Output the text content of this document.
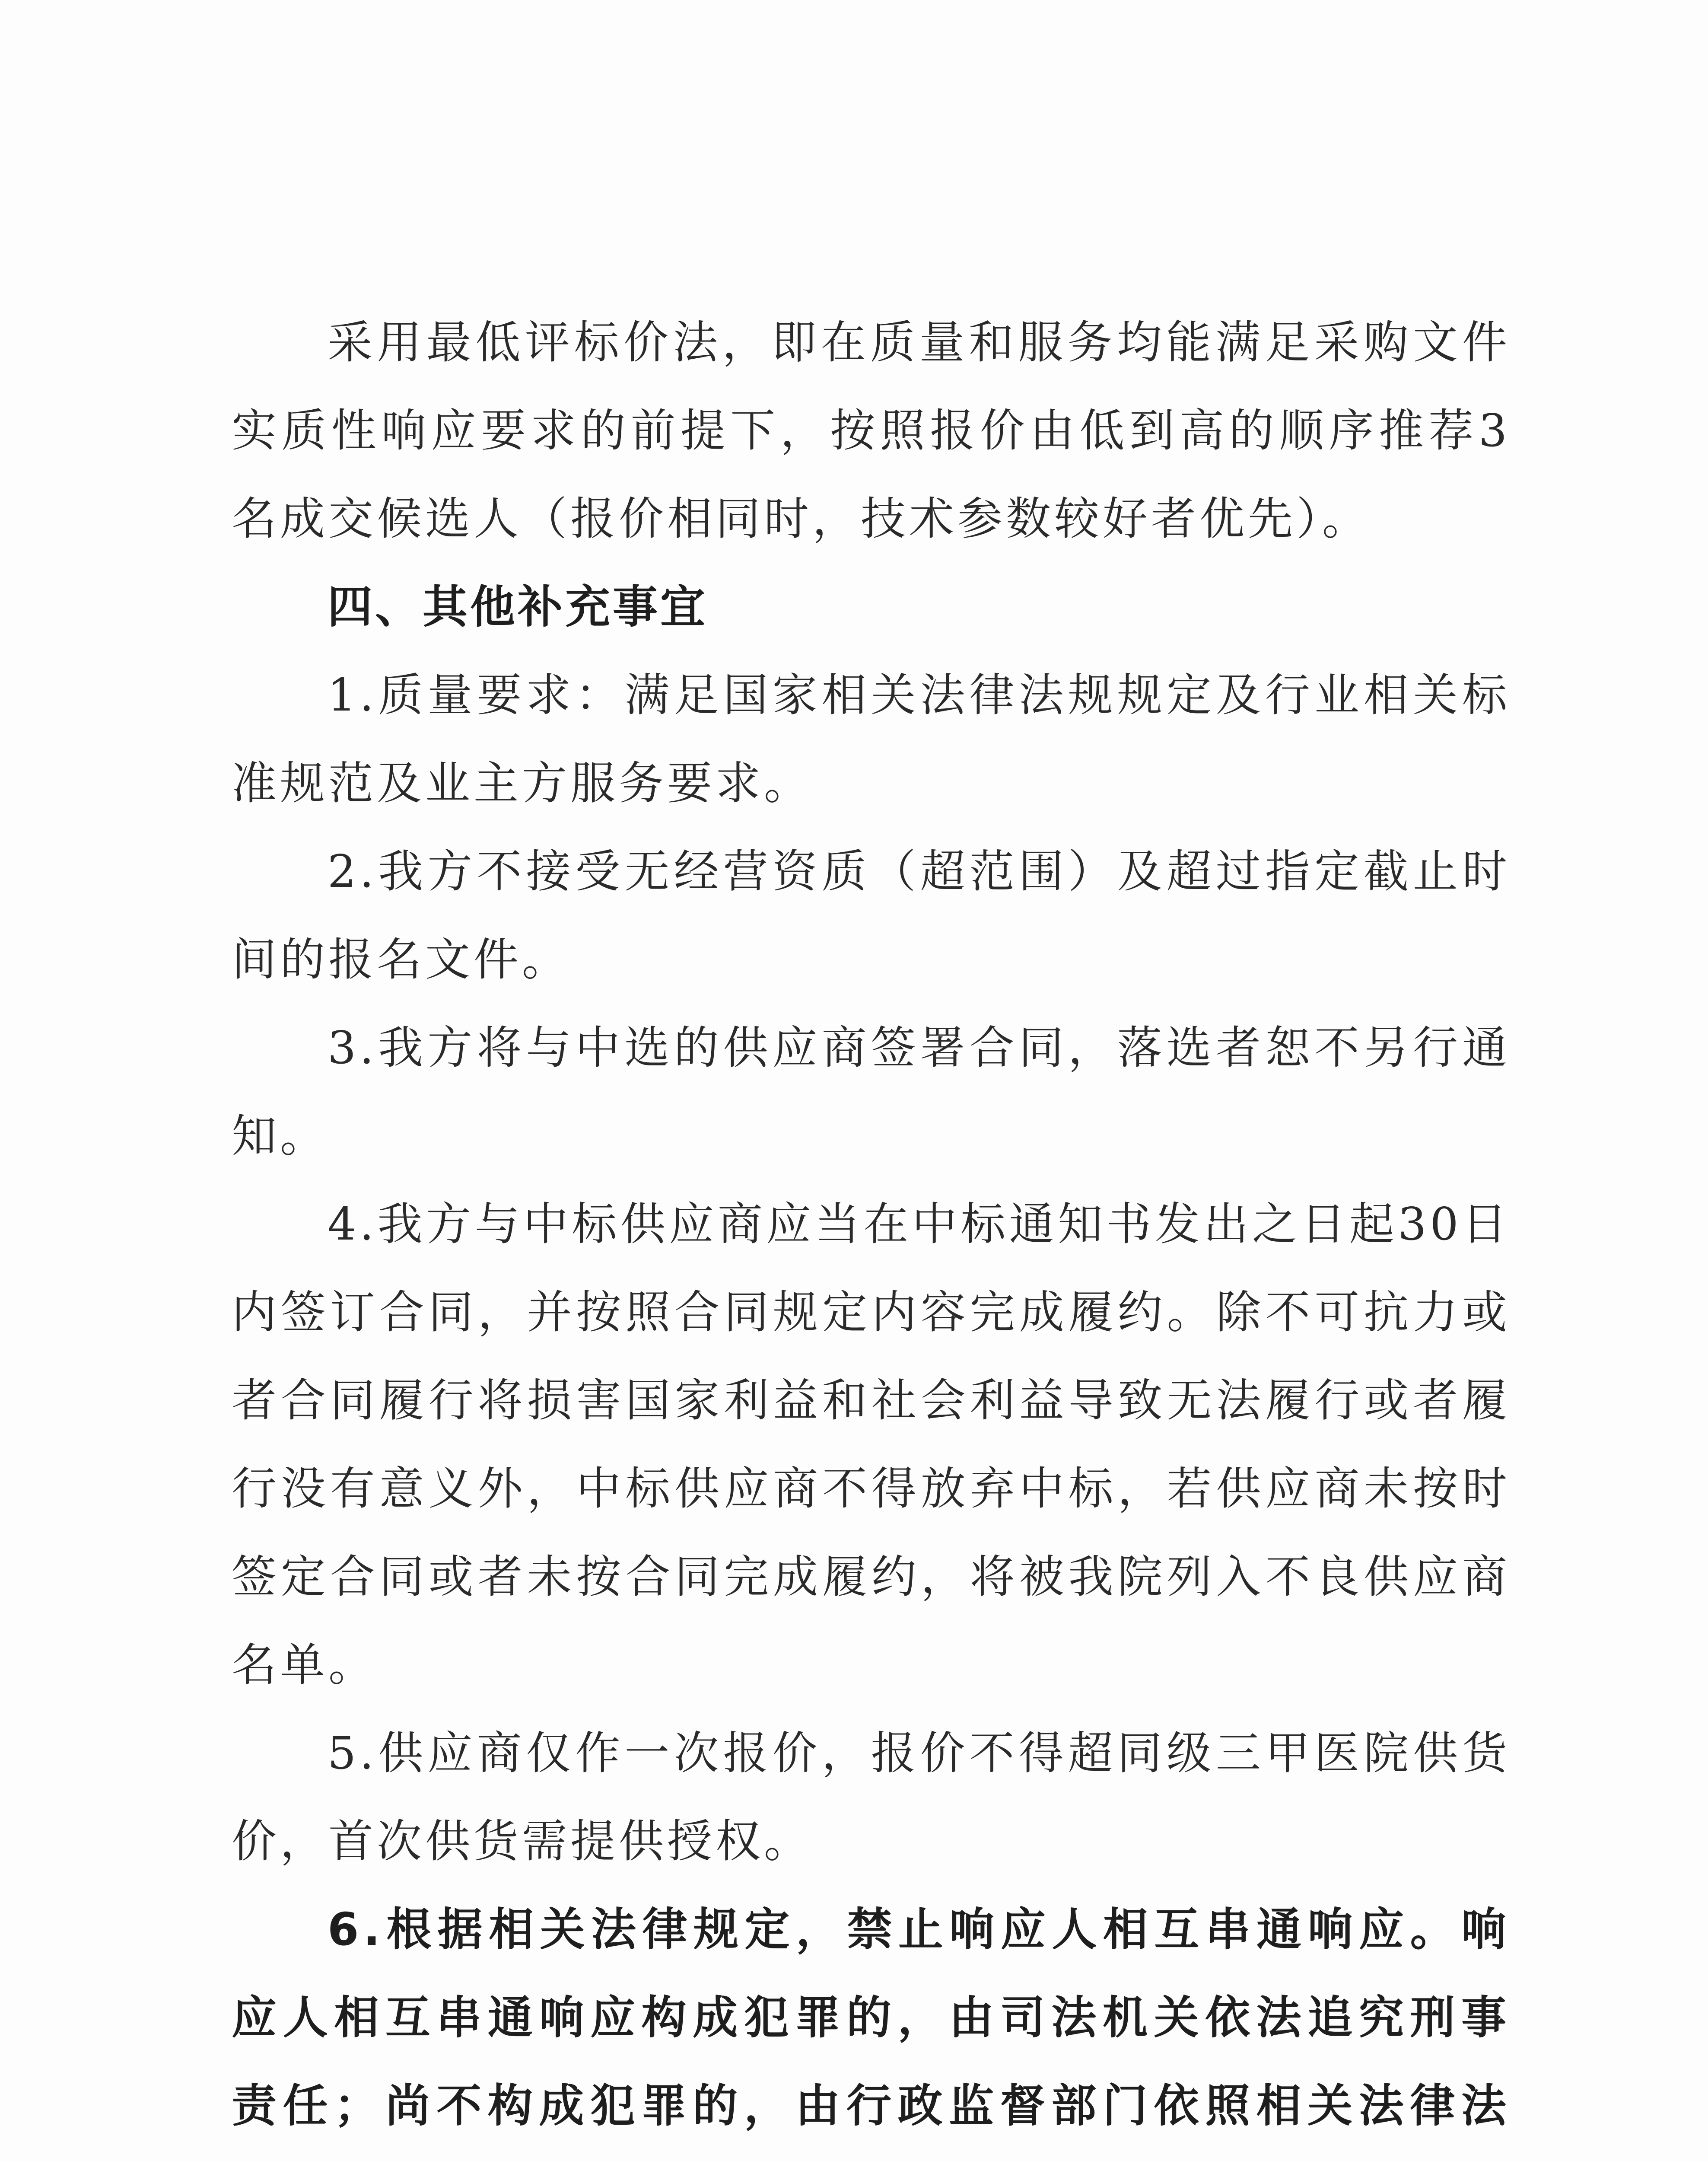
采用最低评标价法，即在质量和服务均能满足采购文件实质性响应要求的前提下，按照报价由低到高的顺序推荐3名成交候选人（报价相同时，技术参数较好者优先）。

四、其他补充事宜

1.质量要求：满足国家相关法律法规规定及行业相关标准规范及业主方服务要求。

2.我方不接受无经营资质（超范围）及超过指定截止时间的报名文件。

3.我方将与中选的供应商签署合同，落选者恕不另行通知。

4.我方与中标供应商应当在中标通知书发出之日起30日内签订合同，并按照合同规定内容完成履约。除不可抗力或者合同履行将损害国家利益和社会利益导致无法履行或者履行没有意义外，中标供应商不得放弃中标，若供应商未按时签定合同或者未按合同完成履约，将被我院列入不良供应商名单。

5.供应商仅作一次报价，报价不得超同级三甲医院供货价，首次供货需提供授权。

6.根据相关法律规定，禁止响应人相互串通响应。响应人相互串通响应构成犯罪的，由司法机关依法追究刑事责任；尚不构成犯罪的，由行政监督部门依照相关法律法
